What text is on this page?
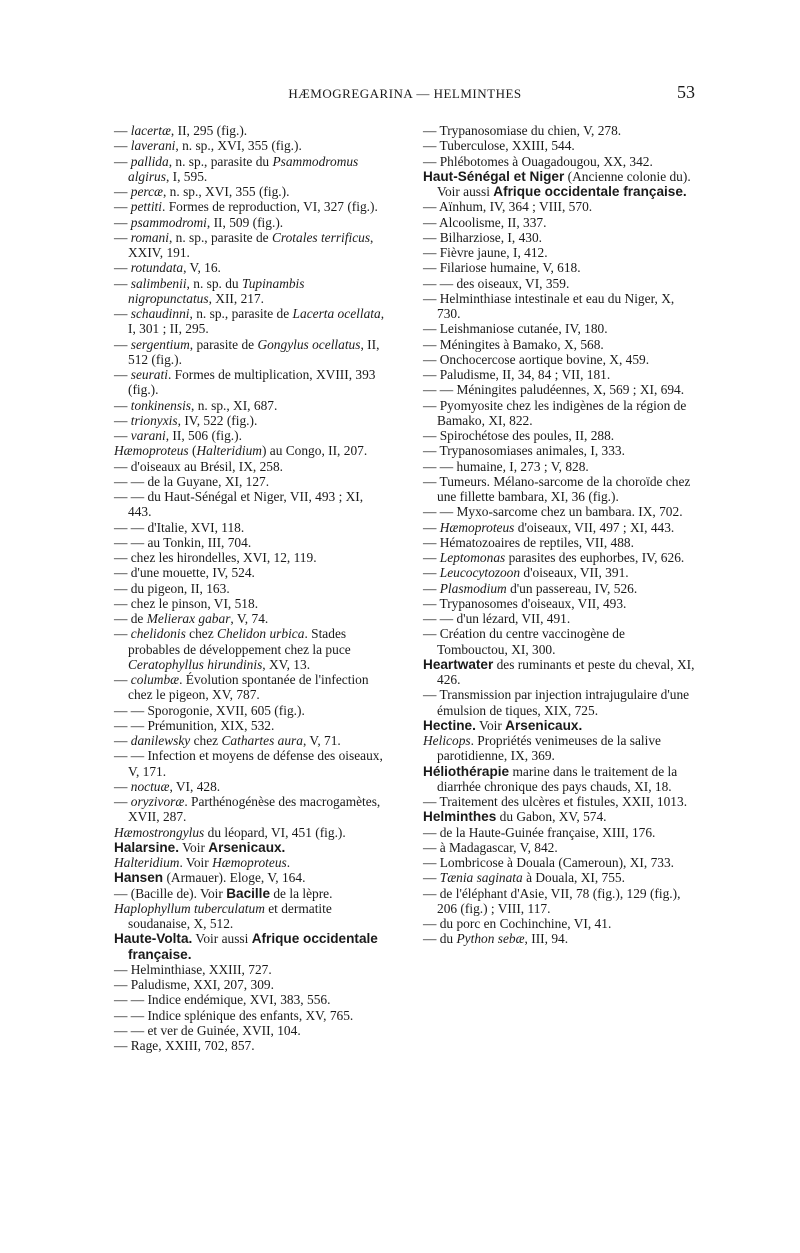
HÆMOGREGARINA — HELMINTHES	53

— lacertæ, II, 295 (fig.).

— laverani, n. sp., XVI, 355 (fig.).

— pallida, n. sp., parasite du Psammodromus algirus, I, 595.

— percæ, n. sp., XVI, 355 (fig.).

— pettiti. Formes de reproduction, VI, 327 (fig.).

— psammodromi, II, 509 (fig.).

— romani, n. sp., parasite de Crotales terrificus, XXIV, 191.

— rotundata, V, 16.

— salimbenii, n. sp. du Tupinambis nigropunctatus, XII, 217.

— schaudinni, n. sp., parasite de Lacerta ocellata, I, 301 ; II, 295.

— sergentium, parasite de Gongylus ocellatus, II, 512 (fig.).

— seurati. Formes de multiplication, XVIII, 393 (fig.).

— tonkinensis, n. sp., XI, 687.

— trionyxis, IV, 522 (fig.).

— varani, II, 506 (fig.).

Hæmoproteus (Halteridium) au Congo, II, 207.

— d'oiseaux au Brésil, IX, 258.

— — de la Guyane, XI, 127.

— — du Haut-Sénégal et Niger, VII, 493 ; XI, 443.

— — d'Italie, XVI, 118.

— — au Tonkin, III, 704.

— chez les hirondelles, XVI, 12, 119.

— d'une mouette, IV, 524.

— du pigeon, II, 163.

— chez le pinson, VI, 518.

— de Melierax gabar, V, 74.

— chelidonis chez Chelidon urbica. Stades probables de développement chez la puce Ceratophyllus hirundinis, XV, 13.

— columbæ. Évolution spontanée de l'infection chez le pigeon, XV, 787.

— — Sporogonie, XVII, 605 (fig.).

— — Prémunition, XIX, 532.

— danilewsky chez Cathartes aura, V, 71.

— — Infection et moyens de défense des oiseaux, V, 171.

— noctuæ, VI, 428.

— oryzivoræ. Parthénogénèse des macrogamètes, XVII, 287.

Hæmostrongylus du léopard, VI, 451 (fig.).

Halarsine. Voir Arsenicaux.

Halteridium. Voir Hæmoproteus.

Hansen (Armauer). Eloge, V, 164.

— (Bacille de). Voir Bacille de la lèpre.

Haplophyllum tuberculatum et dermatite soudanaise, X, 512.

Haute-Volta. Voir aussi Afrique occidentale française.

— Helminthiase, XXIII, 727.

— Paludisme, XXI, 207, 309.

— — Indice endémique, XVI, 383, 556.

— — Indice splénique des enfants, XV, 765.

— — et ver de Guinée, XVII, 104.

— Rage, XXIII, 702, 857.

— Trypanosomiase du chien, V, 278.

— Tuberculose, XXIII, 544.

— Phlébotomes à Ouagadougou, XX, 342.

Haut-Sénégal et Niger (Ancienne colonie du). Voir aussi Afrique occidentale française.

— Aïnhum, IV, 364 ; VIII, 570.

— Alcoolisme, II, 337.

— Bilharziose, I, 430.

— Fièvre jaune, I, 412.

— Filariose humaine, V, 618.

— — des oiseaux, VI, 359.

— Helminthiase intestinale et eau du Niger, X, 730.

— Leishmaniose cutanée, IV, 180.

— Méningites à Bamako, X, 568.

— Onchocercose aortique bovine, X, 459.

— Paludisme, II, 34, 84 ; VII, 181.

— — Méningites paludéennes, X, 569 ; XI, 694.

— Pyomyosite chez les indigènes de la région de Bamako, XI, 822.

— Spirochétose des poules, II, 288.

— Trypanosomiases animales, I, 333.

— — humaine, I, 273 ; V, 828.

— Tumeurs. Mélano-sarcome de la choroïde chez une fillette bambara, XI, 36 (fig.).

— — Myxo-sarcome chez un bambara. IX, 702.

— Hæmoproteus d'oiseaux, VII, 497 ; XI, 443.

— Hématozoaires de reptiles, VII, 488.

— Leptomonas parasites des euphorbes, IV, 626.

— Leucocytozoon d'oiseaux, VII, 391.

— Plasmodium d'un passereau, IV, 526.

— Trypanosomes d'oiseaux, VII, 493.

— — d'un lézard, VII, 491.

— Création du centre vaccinogène de Tombouctou, XI, 300.

Heartwater des ruminants et peste du cheval, XI, 426.

— Transmission par injection intrajugulaire d'une émulsion de tiques, XIX, 725.

Hectine. Voir Arsenicaux.

Helicops. Propriétés venimeuses de la salive parotidienne, IX, 369.

Héliothérapie marine dans le traitement de la diarrhée chronique des pays chauds, XI, 18.

— Traitement des ulcères et fistules, XXII, 1013.

Helminthes du Gabon, XV, 574.

— de la Haute-Guinée française, XIII, 176.

— à Madagascar, V, 842.

— Lombricose à Douala (Cameroun), XI, 733.

— Tænia saginata à Douala, XI, 755.

— de l'éléphant d'Asie, VII, 78 (fig.), 129 (fig.), 206 (fig.) ; VIII, 117.

— du porc en Cochinchine, VI, 41.

— du Python sebæ, III, 94.
